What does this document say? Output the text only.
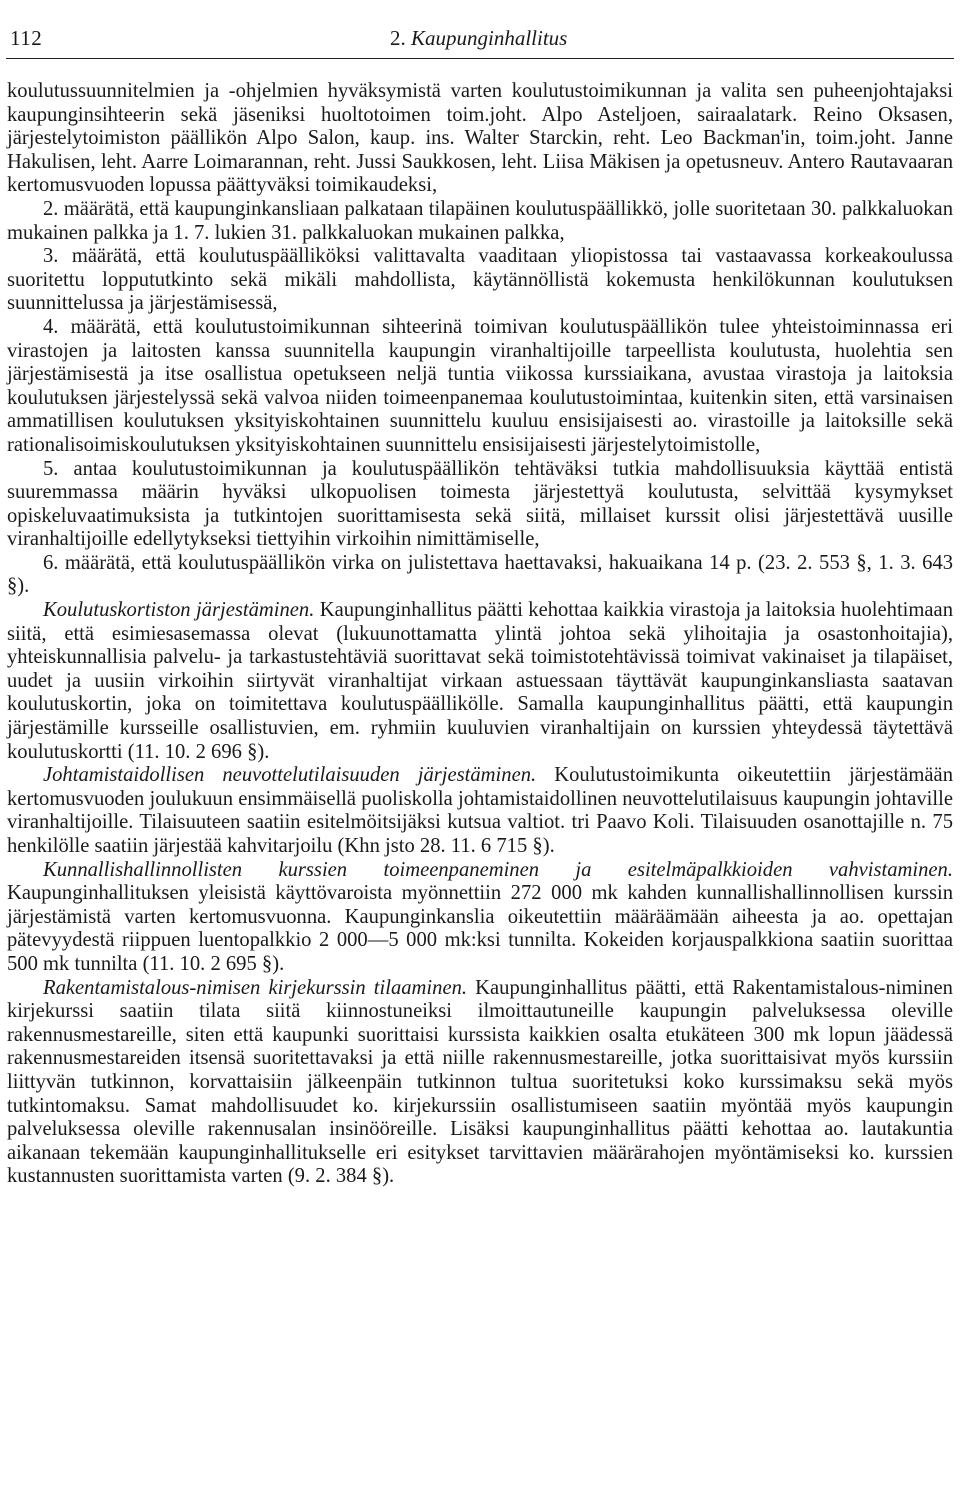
112	2. Kaupunginhallitus

koulutussuunnitelmien ja -ohjelmien hyväksymistä varten koulutustoimikunnan ja valita sen puheenjohtajaksi kaupunginsihteerin sekä jäseniksi huoltotoimen toim.joht. Alpo Asteljoen, sairaalatark. Reino Oksasen, järjestelytoimiston päällikön Alpo Salon, kaup. ins. Walter Starckin, reht. Leo Backman'in, toim.joht. Janne Hakulisen, leht. Aarre Loimarannan, reht. Jussi Saukkosen, leht. Liisa Mäkisen ja opetusneuv. Antero Rautavaaran kertomusvuoden lopussa päättyväksi toimikaudeksi,

2. määrätä, että kaupunginkansliaan palkataan tilapäinen koulutuspäällikkö, jolle suoritetaan 30. palkkaluokan mukainen palkka ja 1. 7. lukien 31. palkkaluokan mukainen palkka,

3. määrätä, että koulutuspäälliköksi valittavalta vaaditaan yliopistossa tai vastaavassa korkeakoulussa suoritettu loppututkinto sekä mikäli mahdollista, käytännöllistä kokemusta henkilökunnan koulutuksen suunnittelussa ja järjestämisessä,

4. määrätä, että koulutustoimikunnan sihteerinä toimivan koulutuspäällikön tulee yhteistoiminnassa eri virastojen ja laitosten kanssa suunnitella kaupungin viranhaltijoille tarpeellista koulutusta, huolehtia sen järjestämisestä ja itse osallistua opetukseen neljä tuntia viikossa kurssiaikana, avustaa virastoja ja laitoksia koulutuksen järjestelyssä sekä valvoa niiden toimeenpanemaa koulutustoimintaa, kuitenkin siten, että varsinaisen ammatillisen koulutuksen yksityiskohtainen suunnittelu kuuluu ensisijaisesti ao. virastoille ja laitoksille sekä rationalisoimiskoulutuksen yksityiskohtainen suunnittelu ensisijaisesti järjestelytoimistolle,

5. antaa koulutustoimikunnan ja koulutuspäällikön tehtäväksi tutkia mahdollisuuksia käyttää entistä suuremmassa määrin hyväksi ulkopuolisen toimesta järjestettyä koulutusta, selvittää kysymykset opiskeluvaatimuksista ja tutkintojen suorittamisesta sekä siitä, millaiset kurssit olisi järjestettävä uusille viranhaltijoille edellytykseksi tiettyihin virkoihin nimittämiselle,

6. määrätä, että koulutuspäällikön virka on julistettava haettavaksi, hakuaikana 14 p. (23. 2. 553 §, 1. 3. 643 §).

Koulutuskortiston järjestäminen. Kaupunginhallitus päätti kehottaa kaikkia virastoja ja laitoksia huolehtimaan siitä, että esimiesasemassa olevat (lukuunottamatta ylintä johtoa sekä ylihoitajia ja osastonhoitajia), yhteiskunnallisia palvelu- ja tarkastustehtäviä suorittavat sekä toimistotehtävissä toimivat vakinaiset ja tilapäiset, uudet ja uusiin virkoihin siirtyvät viranhaltijat virkaan astuessaan täyttävät kaupunginkansliasta saatavan koulutuskortin, joka on toimitettava koulutuspäällikölle. Samalla kaupunginhallitus päätti, että kaupungin järjestämille kursseille osallistuvien, em. ryhmiin kuuluvien viranhaltijain on kurssien yhteydessä täytettävä koulutuskortti (11. 10. 2 696 §).

Johtamistaidollisen neuvottelutilaisuuden järjestäminen. Koulutustoimikunta oikeutettiin järjestämään kertomusvuoden joulukuun ensimmäisellä puoliskolla johtamistaidollinen neuvottelutilaisuus kaupungin johtaville viranhaltijoille. Tilaisuuteen saatiin esitelmöitsijäksi kutsua valtiot. tri Paavo Koli. Tilaisuuden osanottajille n. 75 henkilölle saatiin järjestää kahvitarjoilu (Khn jsto 28. 11. 6 715 §).

Kunnallishallinnollisten kurssien toimeenpaneminen ja esitelmäpalkkioiden vahvistaminen. Kaupunginhallituksen yleisistä käyttövaroista myönnettiin 272 000 mk kahden kunnallishallinnollisen kurssin järjestämistä varten kertomusvuonna. Kaupunginkanslia oikeutettiin määräämään aiheesta ja ao. opettajan pätevyydestä riippuen luentopalkkio 2 000—5 000 mk:ksi tunnilta. Kokeiden korjauspalkkiona saatiin suorittaa 500 mk tunnilta (11. 10. 2 695 §).

Rakentamistalous-nimisen kirjekurssin tilaaminen. Kaupunginhallitus päätti, että Rakentamistalous-niminen kirjekurssi saatiin tilata siitä kiinnostuneiksi ilmoittautuneille kaupungin palveluksessa oleville rakennusmestareille, siten että kaupunki suorittaisi kurssista kaikkien osalta etukäteen 300 mk lopun jäädessä rakennusmestareiden itsensä suoritettavaksi ja että niille rakennusmestareille, jotka suorittaisivat myös kurssiin liittyvän tutkinnon, korvattaisiin jälkeenpäin tutkinnon tultua suoritetuksi koko kurssimaksu sekä myös tutkintomaksu. Samat mahdollisuudet ko. kirjekurssiin osallistumiseen saatiin myöntää myös kaupungin palveluksessa oleville rakennusalan insinööreille. Lisäksi kaupunginhallitus päätti kehottaa ao. lautakuntia aikanaan tekemään kaupunginhallitukselle eri esitykset tarvittavien määrärahojen myöntämiseksi ko. kurssien kustannusten suorittamista varten (9. 2. 384 §).
